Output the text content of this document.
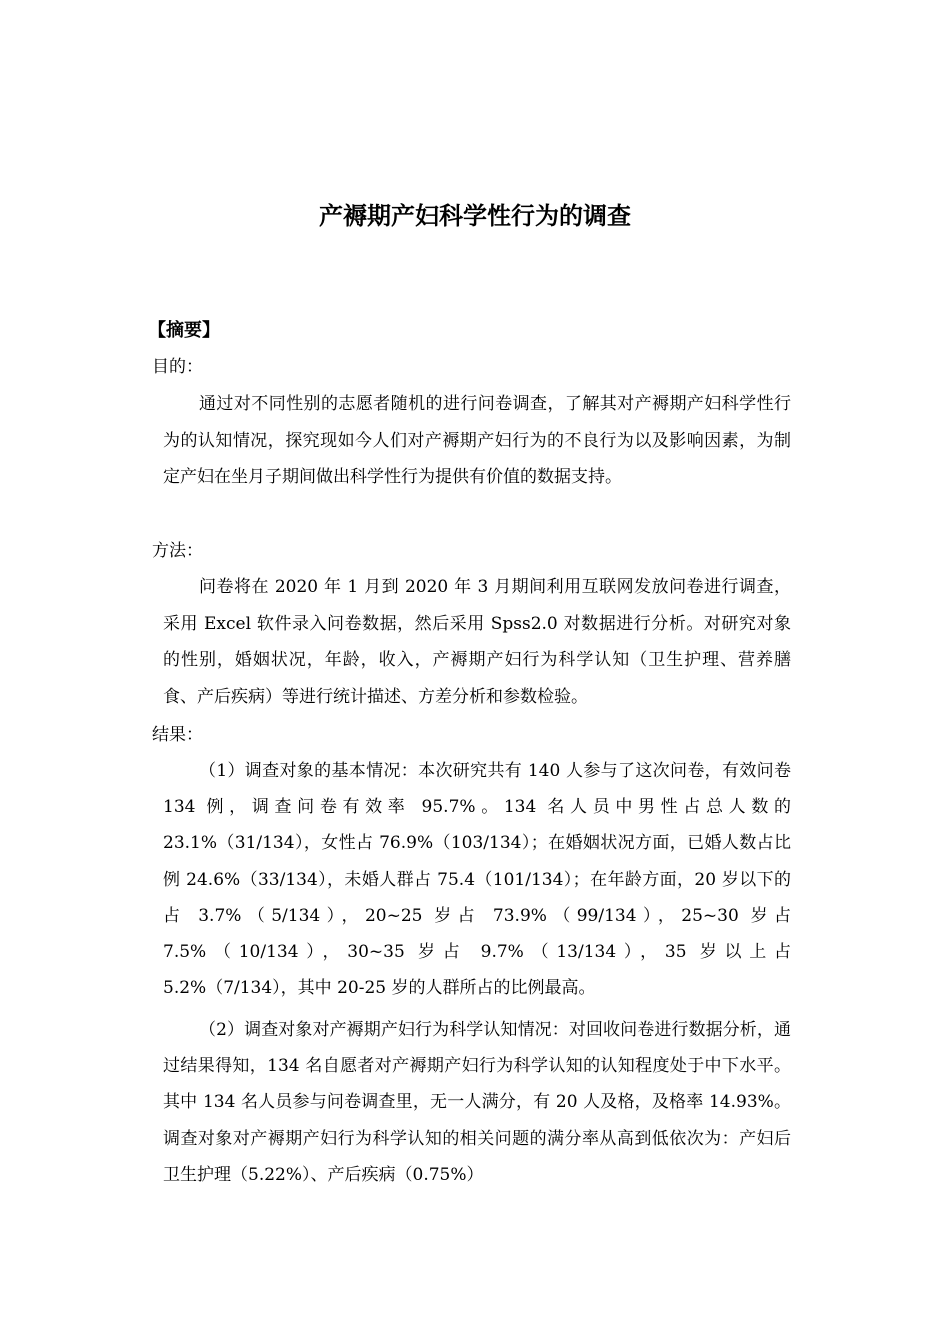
产褥期产妇科学性行为的调查
【摘要】
目的：
通过对不同性别的志愿者随机的进行问卷调查，了解其对产褥期产妇科学性行为的认知情况，探究现如今人们对产褥期产妇行为的不良行为以及影响因素，为制定产妇在坐月子期间做出科学性行为提供有价值的数据支持。
方法：
问卷将在 2020 年 1 月到 2020 年 3 月期间利用互联网发放问卷进行调查，采用 Excel 软件录入问卷数据，然后采用 Spss2.0 对数据进行分析。对研究对象的性别，婚姻状况，年龄，收入，产褥期产妇行为科学认知（卫生护理、营养膳食、产后疾病）等进行统计描述、方差分析和参数检验。
结果：
（1）调查对象的基本情况：本次研究共有 140 人参与了这次问卷，有效问卷 134 例，调查问卷有效率 95.7%。134 名人员中男性占总人数的 23.1%（31/134），女性占 76.9%（103/134）；在婚姻状况方面，已婚人数占比例 24.6%（33/134），未婚人群占 75.4（101/134）；在年龄方面，20 岁以下的占 3.7%（5/134），20~25 岁占 73.9%（99/134），25~30 岁占 7.5%（10/134），30~35 岁占 9.7%（13/134），35 岁以上占 5.2%（7/134），其中 20-25 岁的人群所占的比例最高。
（2）调查对象对产褥期产妇行为科学认知情况：对回收问卷进行数据分析，通过结果得知，134 名自愿者对产褥期产妇行为科学认知的认知程度处于中下水平。其中 134 名人员参与问卷调查里，无一人满分，有 20 人及格，及格率 14.93%。调查对象对产褥期产妇行为科学认知的相关问题的满分率从高到低依次为：产妇后卫生护理（5.22%）、产后疾病（0.75%）
